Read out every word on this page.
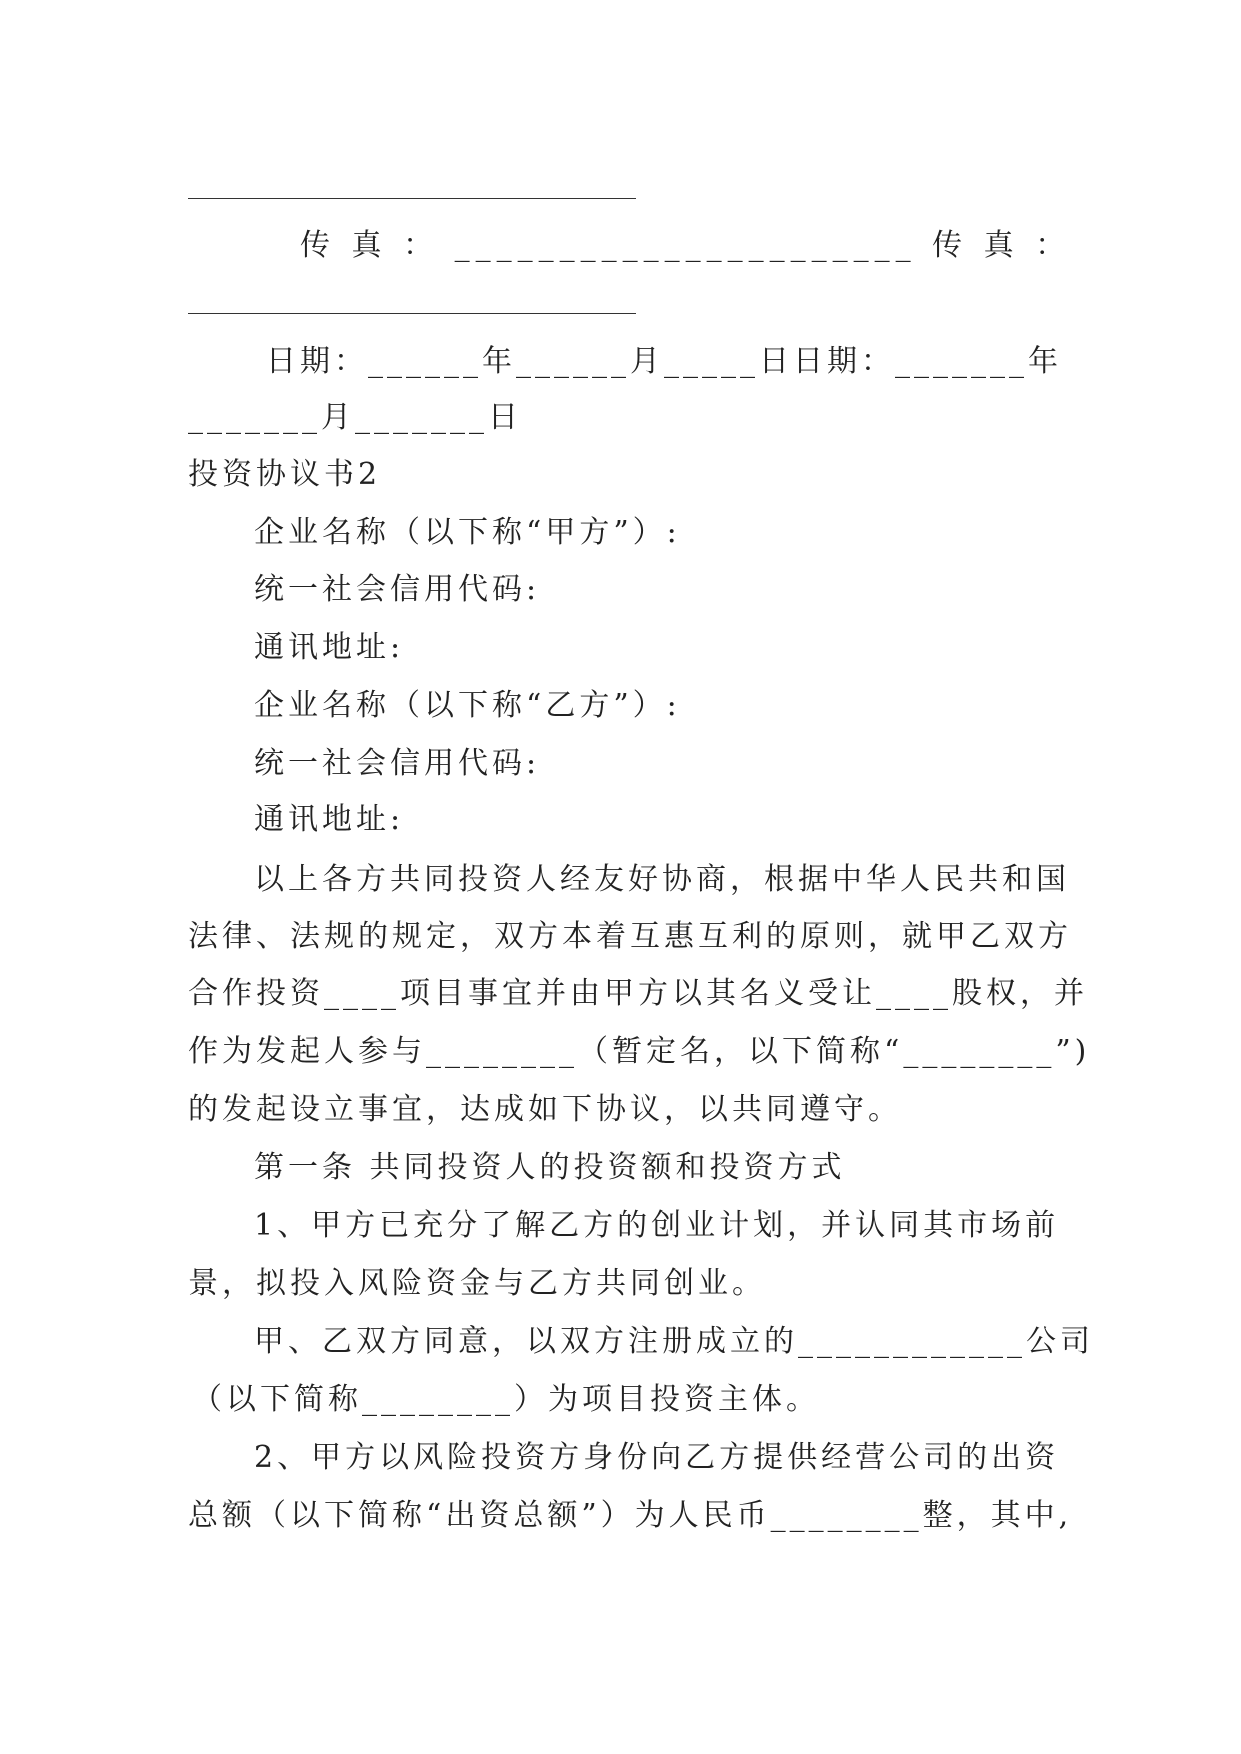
传 真 ： ______________________ 传 真 ：
日期：______年______月_____日日期：_______年
_______月_______日
投资协议书2
企业名称（以下称“甲方”）:
统一社会信用代码:
通讯地址:
企业名称（以下称“乙方”）:
统一社会信用代码:
通讯地址:
以上各方共同投资人经友好协商，根据中华人民共和国
法律、法规的规定，双方本着互惠互利的原则，就甲乙双方
合作投资____项目事宜并由甲方以其名义受让____股权，并
作为发起人参与________（暂定名，以下简称“________”)
的发起设立事宜，达成如下协议，以共同遵守。
第一条 共同投资人的投资额和投资方式
1、甲方已充分了解乙方的创业计划，并认同其市场前
景，拟投入风险资金与乙方共同创业。
甲、乙双方同意，以双方注册成立的____________公司
（以下简称________）为项目投资主体。
2、甲方以风险投资方身份向乙方提供经营公司的出资
总额（以下简称“出资总额”）为人民币________整，其中,
